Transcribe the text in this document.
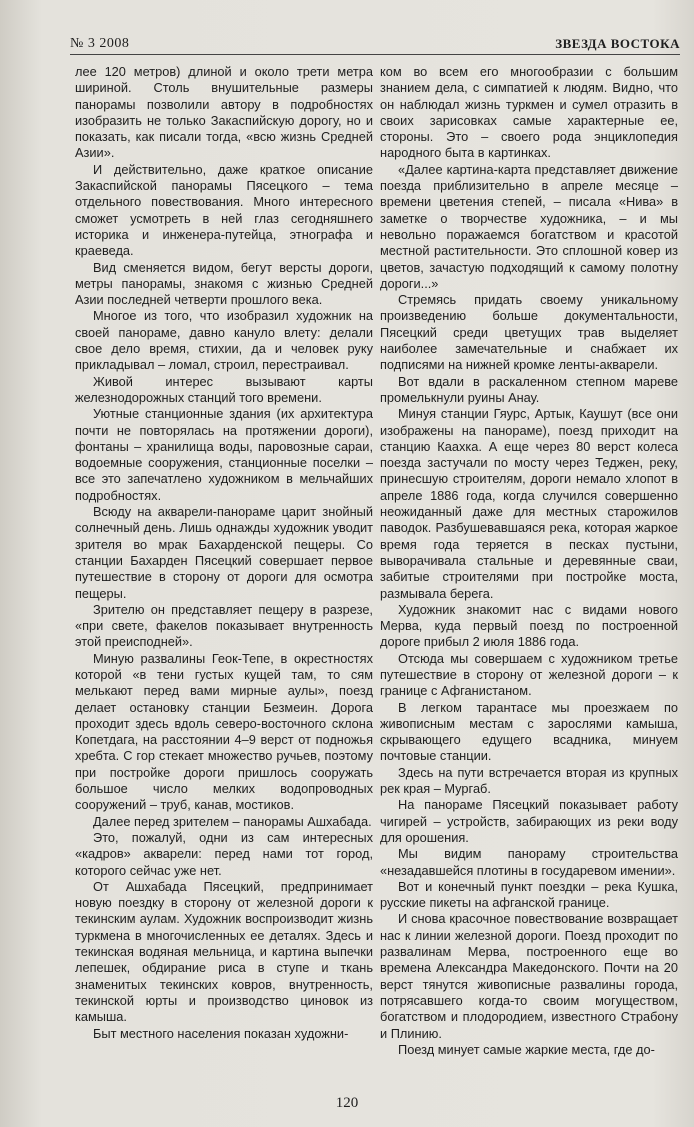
№ 3 2008	ЗВЕЗДА ВОСТОКА

лее 120 метров) длиной и около трети метра шириной. Столь внушительные размеры панорамы позволили автору в подробностях изобразить не только Закаспийскую дорогу, но и показать, как писали тогда, «всю жизнь Средней Азии».

И действительно, даже краткое описание Закаспийской панорамы Пясецкого – тема отдельного повествования. Много интересного сможет усмотреть в ней глаз сегодняшнего историка и инженера-путейца, этнографа и краеведа.

Вид сменяется видом, бегут версты дороги, метры панорамы, знакомя с жизнью Средней Азии последней четверти прошлого века.

Многое из того, что изобразил художник на своей панораме, давно кануло влету: делали свое дело время, стихии, да и человек руку прикладывал – ломал, строил, перестраивал.

Живой интерес вызывают карты железнодорожных станций того времени.

Уютные станционные здания (их архитектура почти не повторялась на протяжении дороги), фонтаны – хранилища воды, паровозные сараи, водоемные сооружения, станционные поселки – все это запечатлено художником в мельчайших подробностях.

Всюду на акварели-панораме царит знойный солнечный день. Лишь однажды художник уводит зрителя во мрак Бахарденской пещеры. Со станции Бахарден Пясецкий совершает первое путешествие в сторону от дороги для осмотра пещеры.

Зрителю он представляет пещеру в разрезе, «при свете, факелов показывает внутренность этой преисподней».

Миную развалины Геок-Тепе, в окрестностях которой «в тени густых кущей там, то сям мелькают перед вами мирные аулы», поезд делает остановку станции Безмеин. Дорога проходит здесь вдоль северо-восточного склона Копетдага, на расстоянии 4–9 верст от подножья хребта. С гор стекает множество ручьев, поэтому при постройке дороги пришлось сооружать большое число мелких водопроводных сооружений – труб, канав, мостиков.

Далее перед зрителем – панорамы Ашхабада.

Это, пожалуй, одни из сам интересных «кадров» акварели: перед нами тот город, которого сейчас уже нет.

От Ашхабада Пясецкий, предпринимает новую поездку в сторону от железной дороги к текинским аулам. Художник воспроизводит жизнь туркмена в многочисленных ее деталях. Здесь и текинская водяная мельница, и картина выпечки лепешек, обдирание риса в ступе и ткань знаменитых текинских ковров, внутренность, текинской юрты и производство циновок из камыша.

Быт местного населения показан художни-

ком во всем его многообразии с большим знанием дела, с симпатией к людям. Видно, что он наблюдал жизнь туркмен и сумел отразить в своих зарисовках самые характерные ее, стороны. Это – своего рода энциклопедия народного быта в картинках.

«Далее картина-карта представляет движение поезда приблизительно в апреле месяце – времени цветения степей, – писала «Нива» в заметке о творчестве художника, – и мы невольно поражаемся богатством и красотой местной растительности. Это сплошной ковер из цветов, зачастую подходящий к самому полотну дороги...»

Стремясь придать своему уникальному произведению больше документальности, Пясецкий среди цветущих трав выделяет наиболее замечательные и снабжает их подписями на нижней кромке ленты-акварели.

Вот вдали в раскаленном степном мареве промелькнули руины Анау.

Минуя станции Гяурс, Артык, Каушут (все они изображены на панораме), поезд приходит на станцию Каахка. А еще через 80 верст колеса поезда застучали по мосту через Теджен, реку, принесшую строителям, дороги немало хлопот в апреле 1886 года, когда случился совершенно неожиданный даже для местных старожилов паводок. Разбушевавшаяся река, которая жаркое время года теряется в песках пустыни, выворачивала стальные и деревянные сваи, забитые строителями при постройке моста, размывала берега.

Художник знакомит нас с видами нового Мерва, куда первый поезд по построенной дороге прибыл 2 июля 1886 года.

Отсюда мы совершаем с художником третье путешествие в сторону от железной дороги – к границе с Афганистаном.

В легком тарантасе мы проезжаем по живописным местам с зарослями камыша, скрывающего едущего всадника, минуем почтовые станции.

Здесь на пути встречается вторая из крупных рек края – Мургаб.

На панораме Пясецкий показывает работу чигирей – устройств, забирающих из реки воду для орошения.

Мы видим панораму строительства «незадавшейся плотины в государевом имении».

Вот и конечный пункт поездки – река Кушка, русские пикеты на афганской границе.

И снова красочное повествование возвращает нас к линии железной дороги. Поезд проходит по развалинам Мерва, построенного еще во времена Александра Македонского. Почти на 20 верст тянутся живописные развалины города, потрясавшего когда-то своим могуществом, богатством и плодородием, известного Страбону и Плинию.

Поезд минует самые жаркие места, где до-

120
